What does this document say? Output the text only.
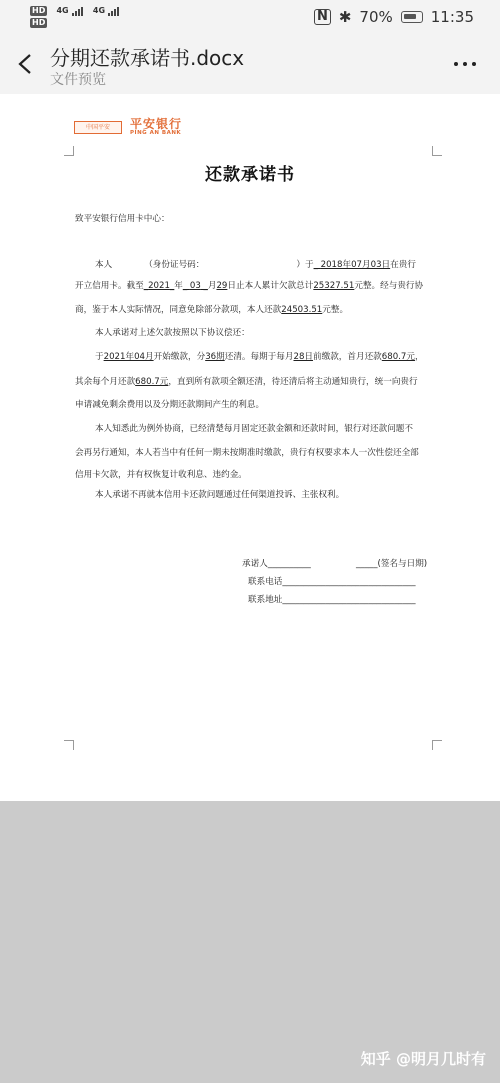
HD 4G	4G
HD	N ✱ 70%	11:35
分期还款承诺书.docx
文件预览
中国平安	平安银行
PING AN BANK
还款承诺书
致平安银行信用卡中心：
本人	（身份证号码：	）于_ 2018年07月03日在贵行
开立信用卡。截至_2021_年_ 03 _月29日止本人累计欠款总计25327.51元整。经与贵行协
商，鉴于本人实际情况，同意免除部分款项，本人还款24503.51元整。
本人承诺对上述欠款按照以下协议偿还：
于2021年04月开始缴款，分36期还清。每期于每月28日前缴款，首月还款680.7元，
其余每个月还款680.7元，直到所有款项全额还清，待还清后将主动通知贵行，统一向贵行
申请减免剩余费用以及分期还款期间产生的利息。
本人知悉此为例外协商，已经清楚每月固定还款金额和还款时间，银行对还款问题不
会再另行通知，本人若当中有任何一期未按期准时缴款，贵行有权要求本人一次性偿还全部
信用卡欠款，并有权恢复计收利息、违约金。
本人承诺不再就本信用卡还款问题通过任何渠道投诉、主张权利。
承诺人__________	_____(签名与日期)
联系电话_______________________________
联系地址_______________________________
知乎 @明月几时有
